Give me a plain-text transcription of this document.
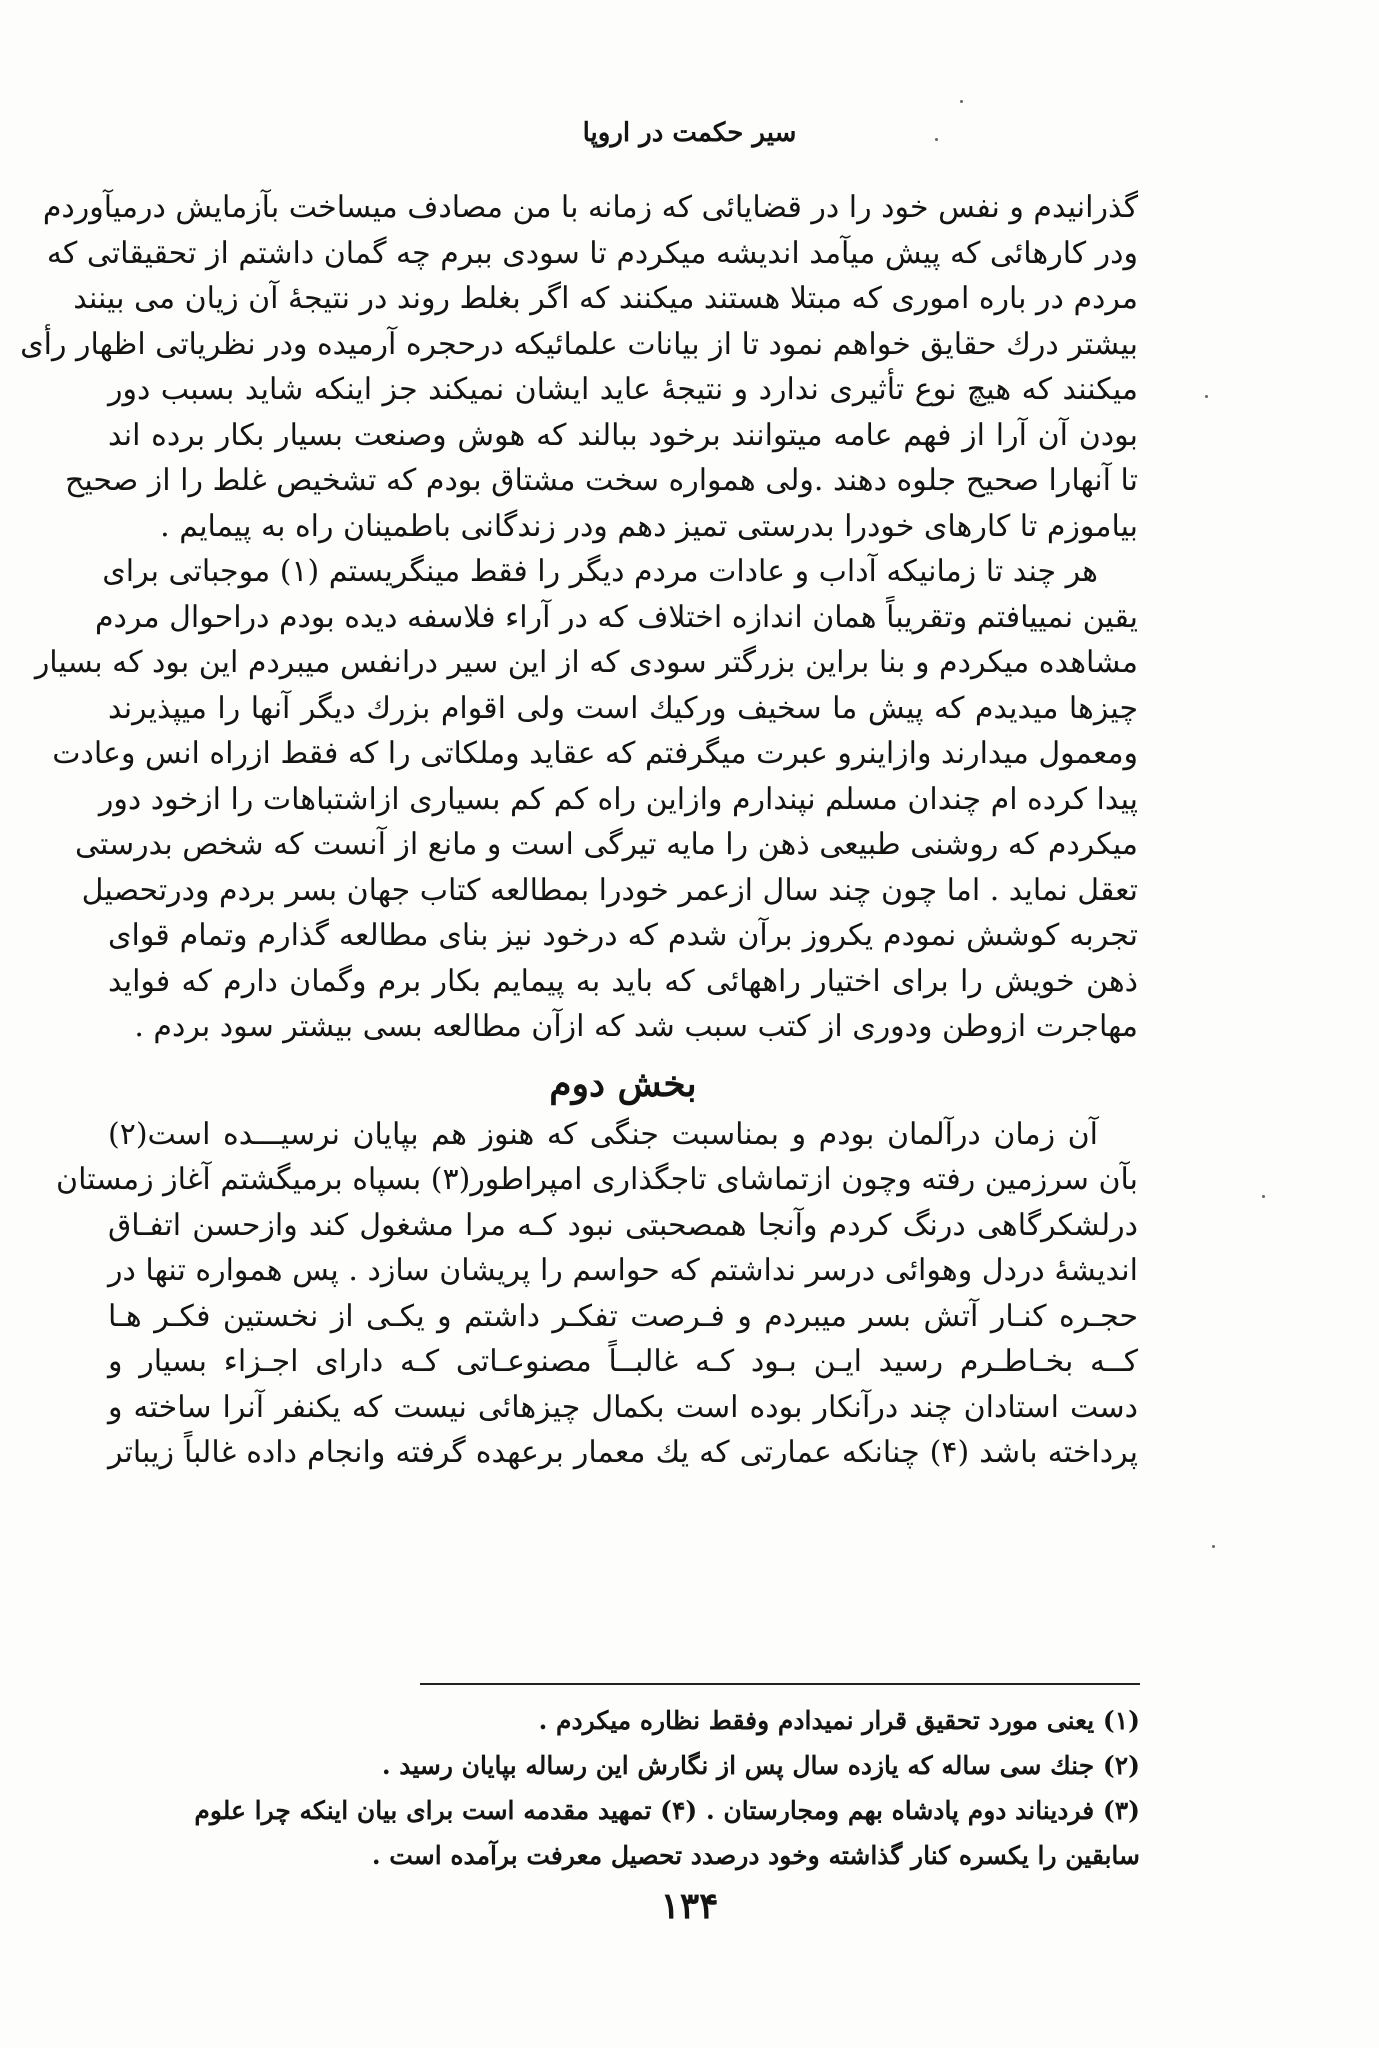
سیر حکمت در اروپا
گذرانیدم و نفس خود را در قضایائی که زمانه با من مصادف میساخت بآزمایش درمیآوردم
ودر کارهائی که پیش میآمد اندیشه میکردم تا سودی ببرم چه گمان داشتم از تحقیقاتی که
مردم در باره اموری که مبتلا هستند میکنند که اگر بغلط روند در نتیجهٔ آن زیان می بینند
بیشتر درك حقایق خواهم نمود تا از بیانات علمائیکه درحجره آرمیده ودر نظریاتی اظهار رأی
میکنند که هیچ نوع تأثیری ندارد و نتیجهٔ عاید ایشان نمیکند جز اینکه شاید بسبب دور
بودن آن آرا از فهم عامه میتوانند برخود ببالند که هوش وصنعت بسیار بکار برده اند
تا آنهارا صحیح جلوه دهند .ولی همواره سخت مشتاق بودم که تشخیص غلط را از صحیح
بیاموزم تا کارهای خودرا بدرستی تمیز دهم ودر زندگانی باطمینان راه به پیمایم .
هر چند تا زمانیکه آداب و عادات مردم دیگر را فقط مینگریستم (۱) موجباتی برای
یقین نمییافتم وتقریباً همان اندازه اختلاف که در آراء فلاسفه دیده بودم دراحوال مردم
مشاهده میکردم و بنا براین بزرگتر سودی که از این سیر درانفس میبردم این بود که بسیار
چیزها میدیدم که پیش ما سخیف ورکیك است ولی اقوام بزرك دیگر آنها را میپذیرند
ومعمول میدارند وازاینرو عبرت میگرفتم که عقاید وملکاتی را که فقط ازراه انس وعادت
پیدا کرده ام چندان مسلم نپندارم وازاین راه کم کم بسیاری ازاشتباهات را ازخود دور
میکردم که روشنی طبیعی ذهن را مایه تیرگی است و مانع از آنست که شخص بدرستی
تعقل نماید . اما چون چند سال ازعمر خودرا بمطالعه کتاب جهان بسر بردم ودرتحصیل
تجربه کوشش نمودم یکروز برآن شدم که درخود نیز بنای مطالعه گذارم وتمام قوای
ذهن خویش را برای اختیار راههائی که باید به پیمایم بکار برم وگمان دارم که فواید
مهاجرت ازوطن ودوری از کتب سبب شد که ازآن مطالعه بسی بیشتر سود بردم .
بخش دوم
آن زمان درآلمان بودم و بمناسبت جنگی که هنوز هم بپایان نرسیـــده است(۲)
بآن سرزمین رفته وچون ازتماشای تاجگذاری امپراطور(۳) بسپاه برمیگشتم آغاز زمستان
درلشکرگاهی درنگ کردم وآنجا همصحبتی نبود کـه مرا مشغول کند وازحسن اتفـاق
اندیشهٔ دردل وهوائی درسر نداشتم که حواسم را پریشان سازد . پس همواره تنها در
حجـره کنـار آتش بسر میبردم و فـرصت تفکـر داشتم و یکـی از نخستین فکـر هـا
کــه بخـاطـرم رسید ایـن بـود کـه غالبــاً مصنوعـاتی کـه دارای اجـزاء بسیار و
دست استادان چند درآنکار بوده است بکمال چیزهائی نیست که یکنفر آنرا ساخته و
پرداخته باشد (۴) چنانکه عمارتی که یك معمار برعهده گرفته وانجام داده غالباً زیباتر
(۱) یعنی مورد تحقیق قرار نمیدادم وفقط نظاره میکردم .
(۲) جنك سی ساله که یازده سال پس از نگارش این رساله بپایان رسید .
(۳) فردیناند دوم پادشاه بهم ومجارستان . (۴) تمهید مقدمه است برای بیان اینکه چرا علوم
سابقین را یکسره کنار گذاشته وخود درصدد تحصیل معرفت برآمده است .
۱۳۴
